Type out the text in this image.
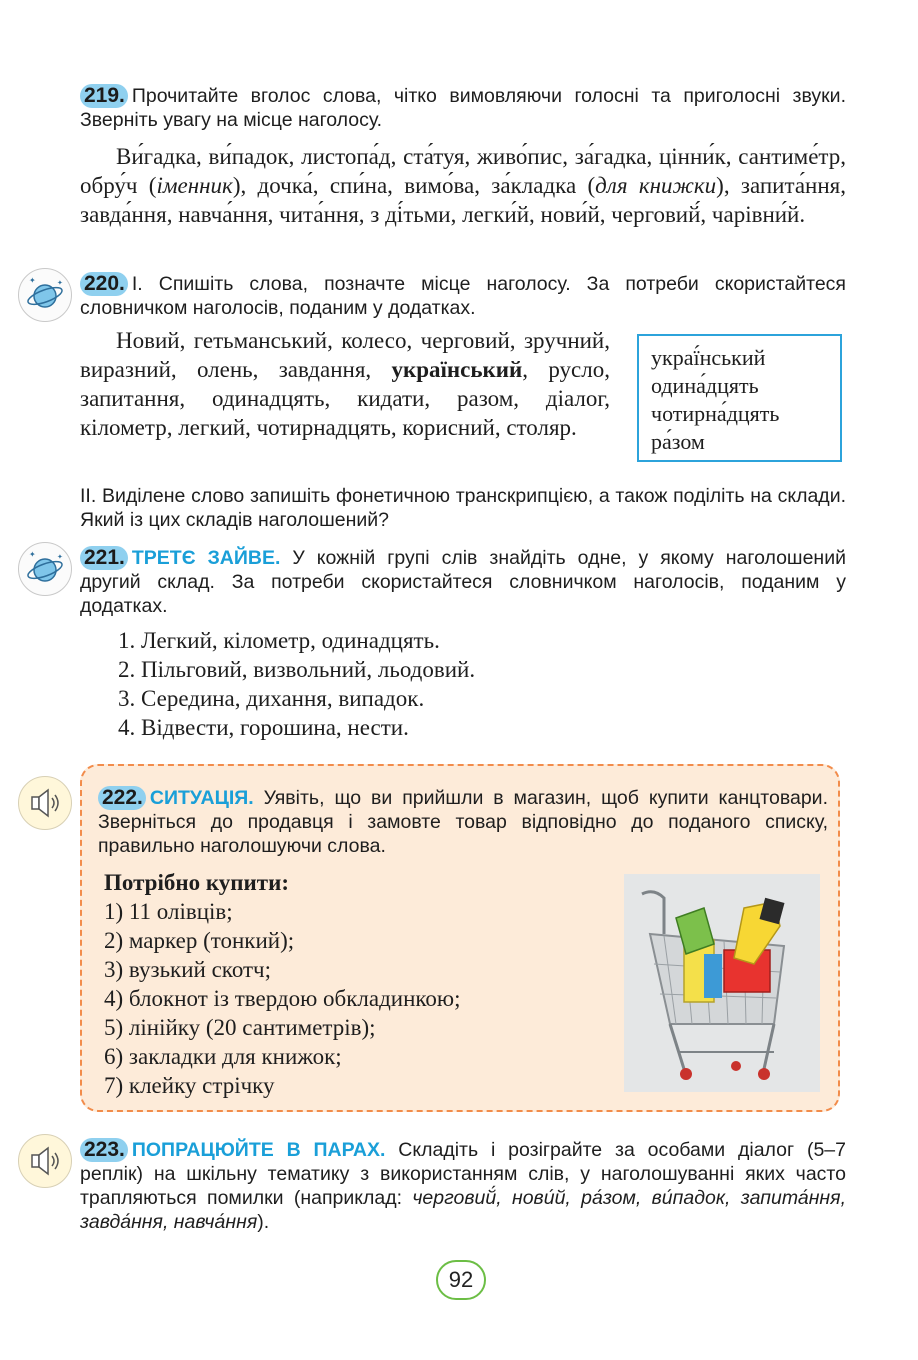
219. Прочитайте вголос слова, чітко вимовляючи голосні та приголосні звуки. Зверніть увагу на місце наголосу.
Ви́гадка, ви́падок, листопа́д, ста́туя, живо́пис, за́гадка, цінни́к, сантиме́тр, обру́ч (іменник), дочка́, спи́на, вимо́ва, за́кладка (для книжки), запита́ння, завда́ння, навча́ння, чита́ння, з ді́тьми, легки́й, нови́й, черговий́, чарівни́й.
✦	✦ 220. І. Спишіть слова, позначте місце наголосу. За потреби скористайтеся словничком наголосів, поданим у додатках.
Новий, гетьманський, колесо, черговий, зручний, виразний, олень, завдання, український, русло, запитання, одинадцять, кидати, разом, діалог, кілометр, легкий, чотирнадцять, корисний, столяр.
украї́нський
одина́дцять
чотирна́дцять
ра́зом
ІІ. Виділене слово запишіть фонетичною транскрипцією, а також поділіть на склади. Який із цих складів наголошений?
✦	✦ 221. ТРЕТЄ ЗАЙВЕ. У кожній групі слів знайдіть одне, у якому наголошений другий склад. За потреби скористайтеся словничком наголосів, поданим у додатках.
1. Легкий, кілометр, одинадцять.
2. Пільговий, визвольний, льодовий.
3. Середина, дихання, випадок.
4. Відвести, горошина, нести.
222. СИТУАЦІЯ. Уявіть, що ви прийшли в магазин, щоб купити канцтовари. Зверніться до продавця і замовте товар відповідно до поданого списку, правильно наголошуючи слова.
Потрібно купити:
1) 11 олівців;
2) маркер (тонкий);
3) вузький скотч;
4) блокнот із твердою обкладинкою;
5) лінійку (20 сантиметрів);
6) закладки для книжок;
7) клейку стрічку
223. ПОПРАЦЮЙТЕ В ПАРАХ. Складіть і розіграйте за особами діалог (5–7 реплік) на шкільну тематику з використанням слів, у наголошуванні яких часто трапляються помилки (наприклад: черговий́, нови́й, ра́зом, ви́падок, запита́ння, завда́ння, навча́ння).
92
